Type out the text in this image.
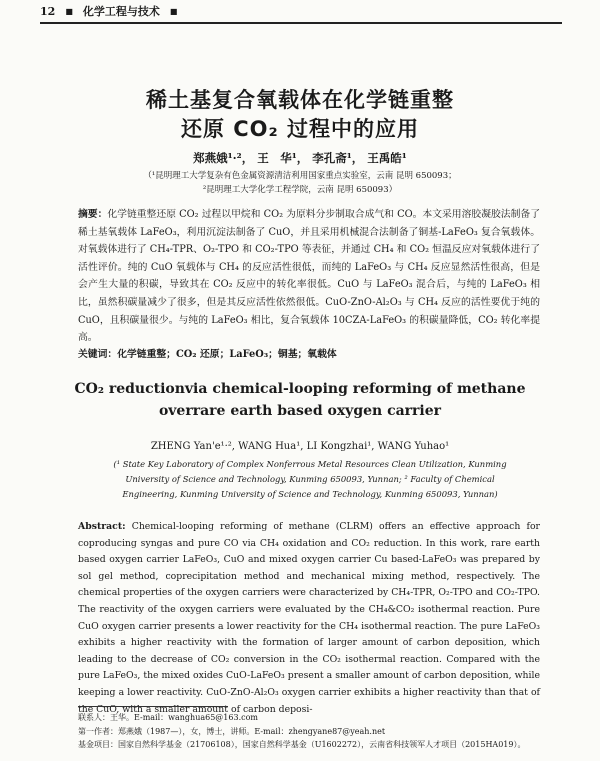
12 ■ 化学工程与技术 ■
稀土基复合氧载体在化学链重整
还原 CO₂ 过程中的应用
郑燕娥¹·²， 王　华¹， 李孔斋¹， 王禹皓¹
（¹昆明理工大学复杂有色金属资源清洁利用国家重点实验室，云南 昆明 650093；
²昆明理工大学化学工程学院，云南 昆明 650093）
摘要：化学链重整还原 CO₂ 过程以甲烷和 CO₂ 为原料分步制取合成气和 CO。本文采用溶胶凝胶法制备了稀土基氧载体 LaFeO₃，利用沉淀法制备了 CuO，并且采用机械混合法制备了铜基-LaFeO₃ 复合氧载体。对氧载体进行了 CH₄-TPR、O₂-TPO 和 CO₂-TPO 等表征，并通过 CH₄ 和 CO₂ 恒温反应对氧载体进行了活性评价。纯的 CuO 氧载体与 CH₄ 的反应活性很低，而纯的 LaFeO₃ 与 CH₄ 反应显然活性很高，但是会产生大量的积碳，导致其在 CO₂ 反应中的转化率很低。CuO 与 LaFeO₃ 混合后，与纯的 LaFeO₃ 相比，虽然积碳量减少了很多，但是其反应活性依然很低。CuO-ZnO-Al₂O₃ 与 CH₄ 反应的活性要优于纯的 CuO，且积碳量很少。与纯的 LaFeO₃ 相比，复合氧载体 10CZA-LaFeO₃ 的积碳量降低，CO₂ 转化率提高。
关键词：化学链重整；CO₂ 还原；LaFeO₃；铜基；氧载体
CO₂ reductionvia chemical-looping reforming of methane
overrare earth based oxygen carrier
ZHENG Yan'e¹·², WANG Hua¹, LI Kongzhai¹, WANG Yuhao¹
(¹ State Key Laboratory of Complex Nonferrous Metal Resources Clean Utilization, Kunming
University of Science and Technology, Kunming 650093, Yunnan; ² Faculty of Chemical
Engineering, Kunming University of Science and Technology, Kunming 650093, Yunnan)
Abstract: Chemical-looping reforming of methane (CLRM) offers an effective approach for coproducing syngas and pure CO via CH₄ oxidation and CO₂ reduction. In this work, rare earth based oxygen carrier LaFeO₃, CuO and mixed oxygen carrier Cu based-LaFeO₃ was prepared by sol gel method, coprecipitation method and mechanical mixing method, respectively. The chemical properties of the oxygen carriers were characterized by CH₄-TPR, O₂-TPO and CO₂-TPO. The reactivity of the oxygen carriers were evaluated by the CH₄&CO₂ isothermal reaction. Pure CuO oxygen carrier presents a lower reactivity for the CH₄ isothermal reaction. The pure LaFeO₃ exhibits a higher reactivity with the formation of larger amount of carbon deposition, which leading to the decrease of CO₂ conversion in the CO₂ isothermal reaction. Compared with the pure LaFeO₃, the mixed oxides CuO-LaFeO₃ present a smaller amount of carbon deposition, while keeping a lower reactivity. CuO-ZnO-Al₂O₃ oxygen carrier exhibits a higher reactivity than that of the CuO, with a smaller amount of carbon deposi-
联系人：王华。E-mail：wanghua65@163.com
第一作者：郑燕娥（1987—），女，博士，讲师。E-mail：zhengyane87@yeah.net
基金项目：国家自然科学基金（21706108），国家自然科学基金（U1602272），云南省科技领军人才项目（2015HA019）。
